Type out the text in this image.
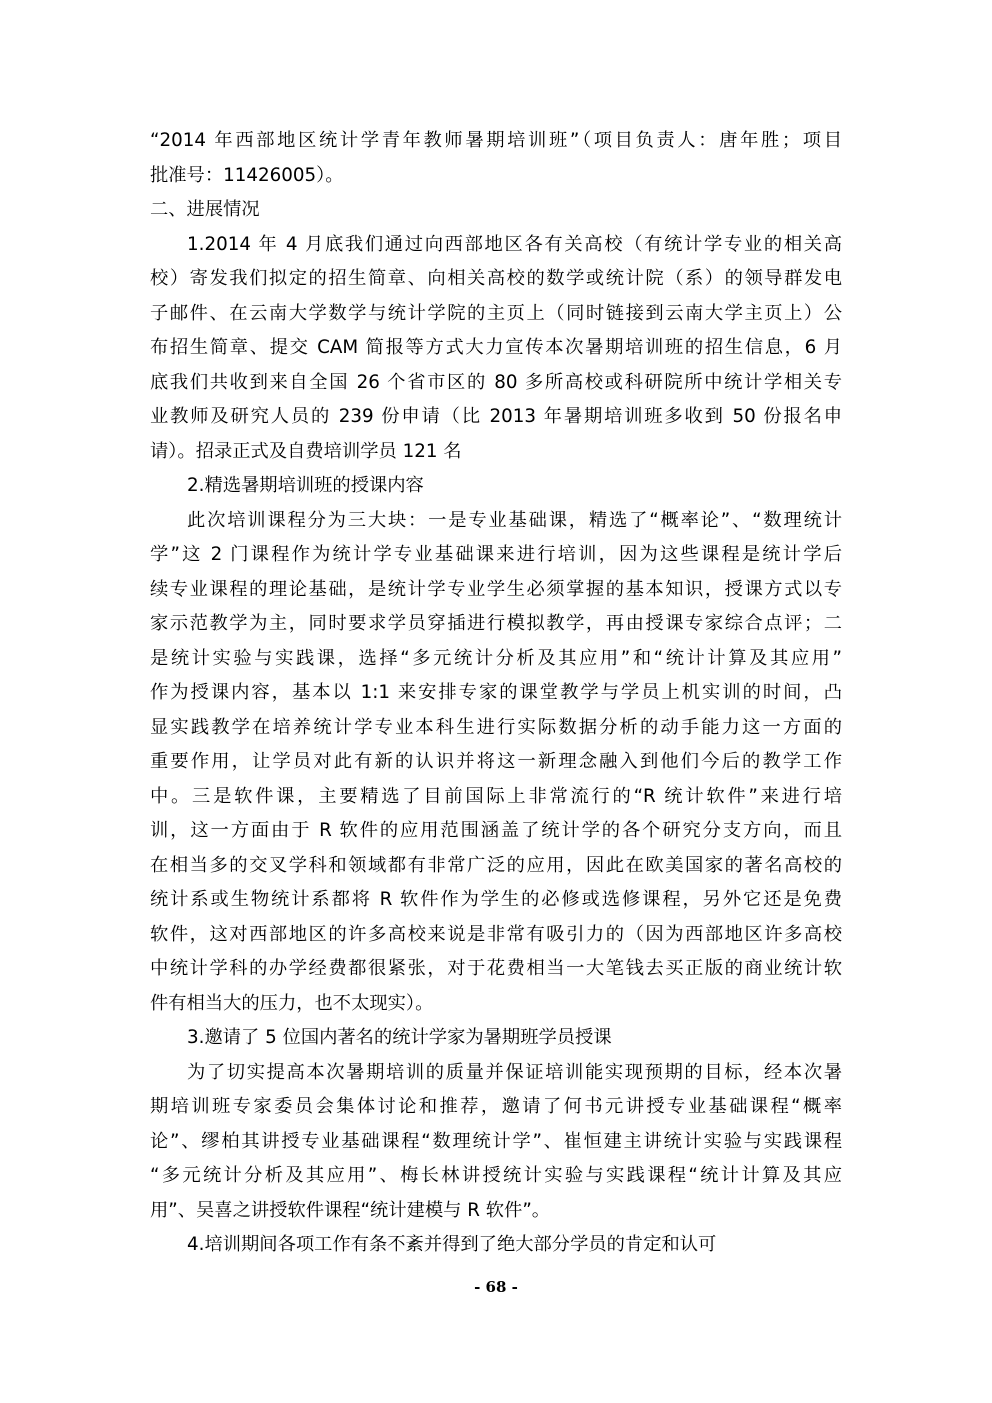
“2014 年西部地区统计学青年教师暑期培训班”（项目负责人：唐年胜；项目
批准号：11426005）。
二、进展情况
1.2014 年 4 月底我们通过向西部地区各有关高校（有统计学专业的相关高
校）寄发我们拟定的招生简章、向相关高校的数学或统计院（系）的领导群发电
子邮件、在云南大学数学与统计学院的主页上（同时链接到云南大学主页上）公
布招生简章、提交 CAM 简报等方式大力宣传本次暑期培训班的招生信息，6 月
底我们共收到来自全国 26 个省市区的 80 多所高校或科研院所中统计学相关专
业教师及研究人员的 239 份申请（比 2013 年暑期培训班多收到 50 份报名申
请）。招录正式及自费培训学员 121 名
2.精选暑期培训班的授课内容
此次培训课程分为三大块：一是专业基础课，精选了“概率论”、“数理统计
学”这 2 门课程作为统计学专业基础课来进行培训，因为这些课程是统计学后
续专业课程的理论基础，是统计学专业学生必须掌握的基本知识，授课方式以专
家示范教学为主，同时要求学员穿插进行模拟教学，再由授课专家综合点评；二
是统计实验与实践课，选择“多元统计分析及其应用”和“统计计算及其应用”
作为授课内容，基本以 1:1 来安排专家的课堂教学与学员上机实训的时间，凸
显实践教学在培养统计学专业本科生进行实际数据分析的动手能力这一方面的
重要作用，让学员对此有新的认识并将这一新理念融入到他们今后的教学工作
中。三是软件课，主要精选了目前国际上非常流行的“R 统计软件”来进行培
训，这一方面由于 R 软件的应用范围涵盖了统计学的各个研究分支方向，而且
在相当多的交叉学科和领域都有非常广泛的应用，因此在欧美国家的著名高校的
统计系或生物统计系都将 R 软件作为学生的必修或选修课程，另外它还是免费
软件，这对西部地区的许多高校来说是非常有吸引力的（因为西部地区许多高校
中统计学科的办学经费都很紧张，对于花费相当一大笔钱去买正版的商业统计软
件有相当大的压力，也不太现实）。
3.邀请了 5 位国内著名的统计学家为暑期班学员授课
为了切实提高本次暑期培训的质量并保证培训能实现预期的目标，经本次暑
期培训班专家委员会集体讨论和推荐，邀请了何书元讲授专业基础课程“概率
论”、缪柏其讲授专业基础课程“数理统计学”、崔恒建主讲统计实验与实践课程
“多元统计分析及其应用”、梅长林讲授统计实验与实践课程“统计计算及其应
用”、吴喜之讲授软件课程“统计建模与 R 软件”。
4.培训期间各项工作有条不紊并得到了绝大部分学员的肯定和认可
- 68 -
